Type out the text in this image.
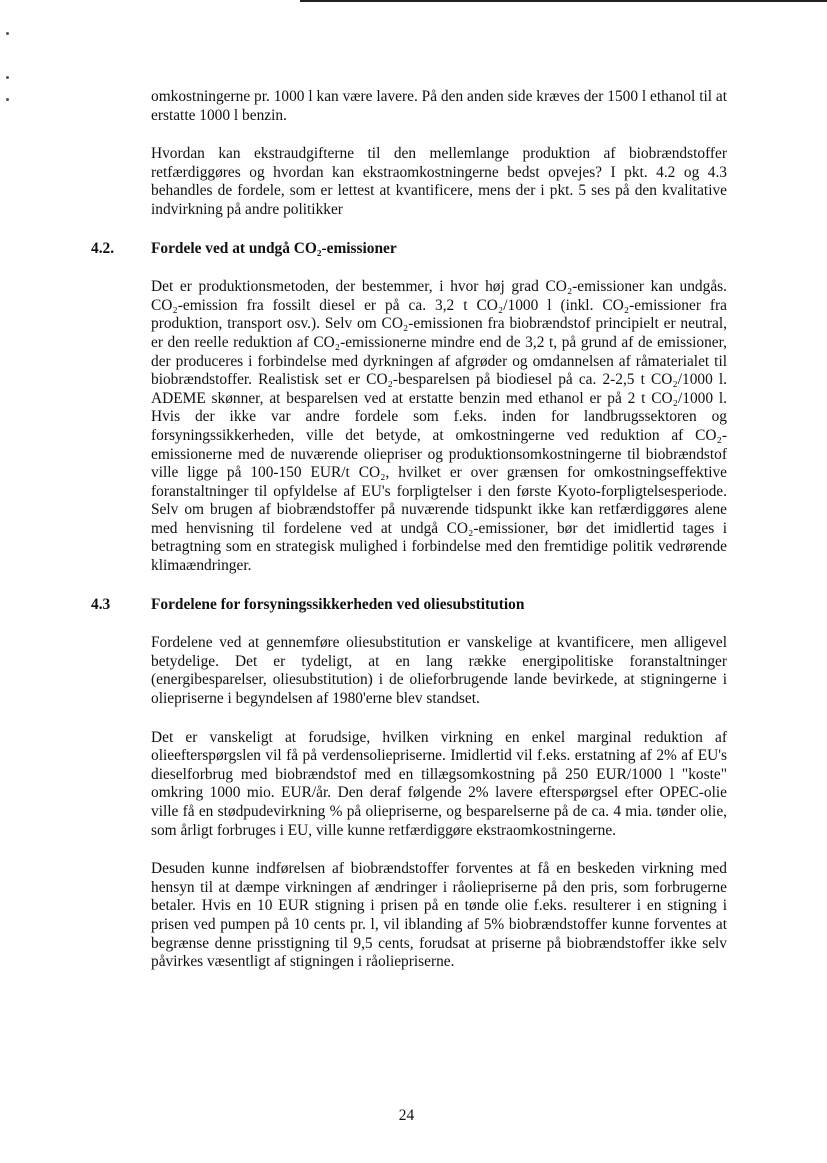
omkostningerne pr. 1000 l kan være lavere. På den anden side kræves der 1500 l ethanol til at erstatte 1000 l benzin.

Hvordan kan ekstraudgifterne til den mellemlange produktion af biobrændstoffer retfærdiggøres og hvordan kan ekstraomkostningerne bedst opvejes? I pkt. 4.2 og 4.3 behandles de fordele, som er lettest at kvantificere, mens der i pkt. 5 ses på den kvalitative indvirkning på andre politikker

4.2. Fordele ved at undgå CO₂-emissioner

Det er produktionsmetoden, der bestemmer, i hvor høj grad CO₂-emissioner kan undgås. CO₂-emission fra fossilt diesel er på ca. 3,2 t CO₂/1000 l (inkl. CO₂-emissioner fra produktion, transport osv.). Selv om CO₂-emissionen fra biobrændstof principielt er neutral, er den reelle reduktion af CO₂-emissionerne mindre end de 3,2 t, på grund af de emissioner, der produceres i forbindelse med dyrkningen af afgrøder og omdannelsen af råmaterialet til biobrændstoffer. Realistisk set er CO₂-besparelsen på biodiesel på ca. 2-2,5 t CO₂/1000 l. ADEME skønner, at besparelsen ved at erstatte benzin med ethanol er på 2 t CO₂/1000 l. Hvis der ikke var andre fordele som f.eks. inden for landbrugssektoren og forsyningssikkerheden, ville det betyde, at omkostningerne ved reduktion af CO₂-emissionerne med de nuværende oliepriser og produktionsomkostningerne til biobrændstof ville ligge på 100-150 EUR/t CO₂, hvilket er over grænsen for omkostningseffektive foranstaltninger til opfyldelse af EU's forpligtelser i den første Kyoto-forpligtelsesperiode. Selv om brugen af biobrændstoffer på nuværende tidspunkt ikke kan retfærdiggøres alene med henvisning til fordelene ved at undgå CO₂-emissioner, bør det imidlertid tages i betragtning som en strategisk mulighed i forbindelse med den fremtidige politik vedrørende klimaændringer.

4.3	Fordelene for forsyningssikkerheden ved oliesubstitution

Fordelene ved at gennemføre oliesubstitution er vanskelige at kvantificere, men alligevel betydelige. Det er tydeligt, at en lang række energipolitiske foranstaltninger (energibesparelser, oliesubstitution) i de olieforbrugende lande bevirkede, at stigningerne i oliepriserne i begyndelsen af 1980'erne blev standset.

Det er vanskeligt at forudsige, hvilken virkning en enkel marginal reduktion af olieefterspørgslen vil få på verdensoliepriserne. Imidlertid vil f.eks. erstatning af 2% af EU's dieselforbrug med biobrændstof med en tillægsomkostning på 250 EUR/1000 l "koste" omkring 1000 mio. EUR/år. Den deraf følgende 2% lavere efterspørgsel efter OPEC-olie ville få en stødpudevirkning % på oliepriserne, og besparelserne på de ca. 4 mia. tønder olie, som årligt forbruges i EU, ville kunne retfærdiggøre ekstraomkostningerne.

Desuden kunne indførelsen af biobrændstoffer forventes at få en beskeden virkning med hensyn til at dæmpe virkningen af ændringer i råoliepriserne på den pris, som forbrugerne betaler. Hvis en 10 EUR stigning i prisen på en tønde olie f.eks. resulterer i en stigning i prisen ved pumpen på 10 cents pr. l, vil iblanding af 5% biobrændstoffer kunne forventes at begrænse denne prisstigning til 9,5 cents, forudsat at priserne på biobrændstoffer ikke selv påvirkes væsentligt af stigningen i råoliepriserne.

24
